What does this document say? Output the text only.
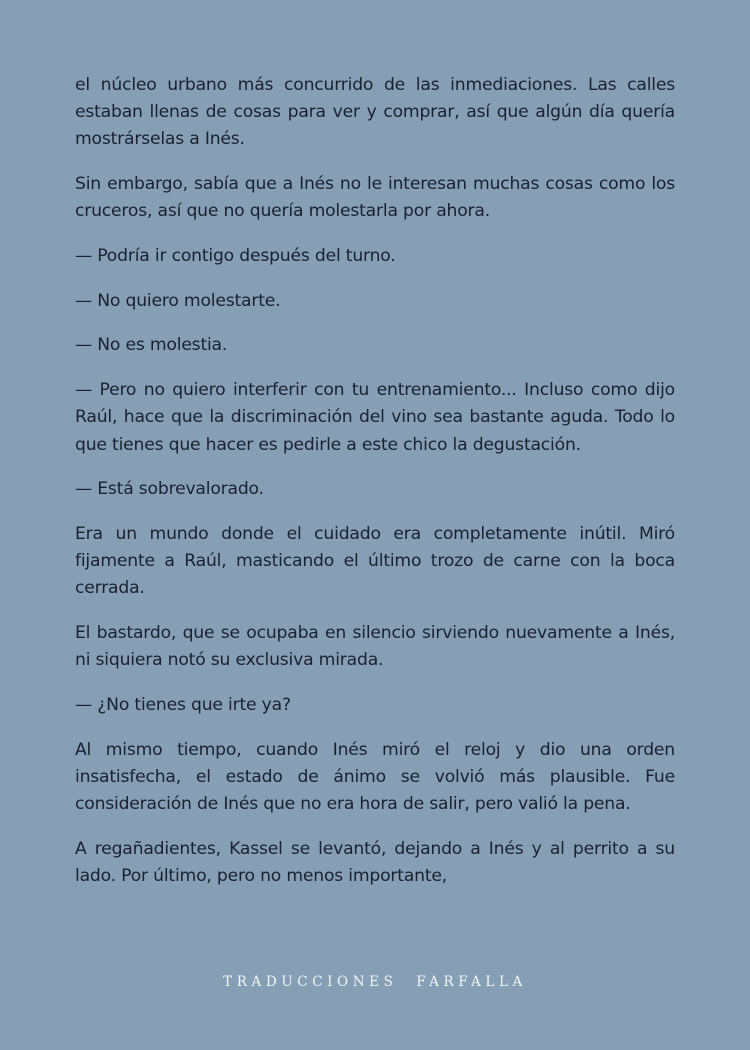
el núcleo urbano más concurrido de las inmediaciones. Las calles estaban llenas de cosas para ver y comprar, así que algún día quería mostrárselas a Inés.

Sin embargo, sabía que a Inés no le interesan muchas cosas como los cruceros, así que no quería molestarla por ahora.

— Podría ir contigo después del turno.

— No quiero molestarte.

— No es molestia.

— Pero no quiero interferir con tu entrenamiento... Incluso como dijo Raúl, hace que la discriminación del vino sea bastante aguda. Todo lo que tienes que hacer es pedirle a este chico la degustación.

— Está sobrevalorado.

Era un mundo donde el cuidado era completamente inútil. Miró fijamente a Raúl, masticando el último trozo de carne con la boca cerrada.

El bastardo, que se ocupaba en silencio sirviendo nuevamente a Inés, ni siquiera notó su exclusiva mirada.

— ¿No tienes que irte ya?

Al mismo tiempo, cuando Inés miró el reloj y dio una orden insatisfecha, el estado de ánimo se volvió más plausible. Fue consideración de Inés que no era hora de salir, pero valió la pena.

A regañadientes, Kassel se levantó, dejando a Inés y al perrito a su lado. Por último, pero no menos importante,

TRADUCCIONES FARFALLA
